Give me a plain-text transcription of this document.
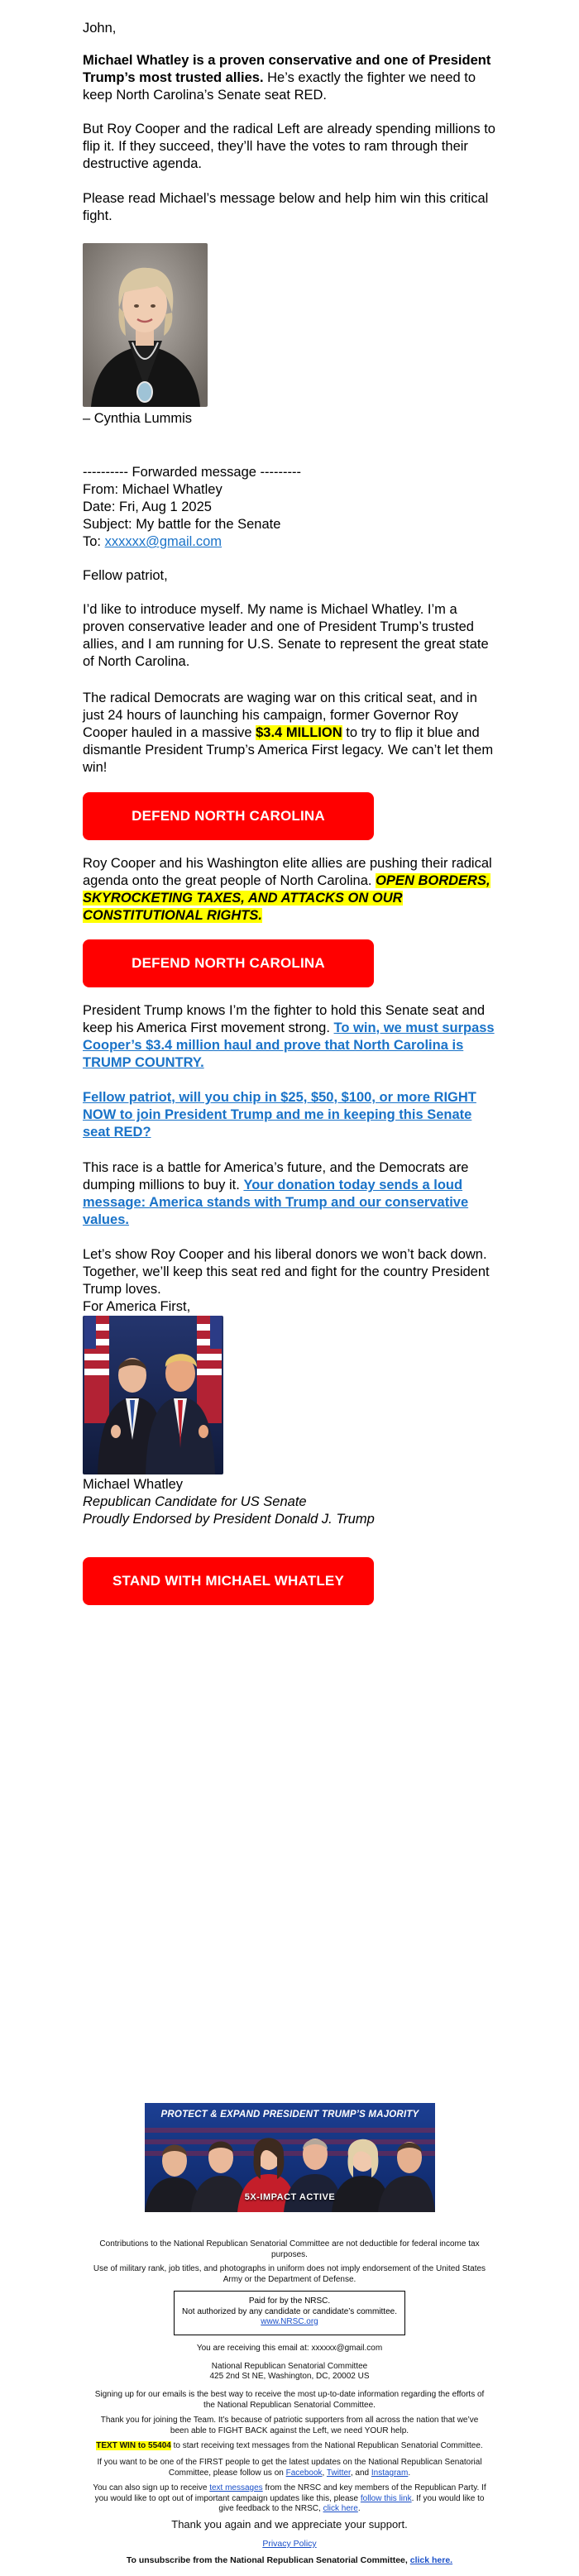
John,

Michael Whatley is a proven conservative and one of President Trump’s most trusted allies. He’s exactly the fighter we need to keep North Carolina’s Senate seat RED.

But Roy Cooper and the radical Left are already spending millions to flip it. If they succeed, they’ll have the votes to ram through their destructive agenda.

Please read Michael’s message below and help him win this critical fight.

– Cynthia Lummis

---------- Forwarded message ---------

From: Michael Whatley

Date: Fri, Aug 1 2025

Subject: My battle for the Senate

To: xxxxxx@gmail.com

Fellow patriot,

I’d like to introduce myself. My name is Michael Whatley. I’m a proven conservative leader and one of President Trump’s trusted allies, and I am running for U.S. Senate to represent the great state of North Carolina.

The radical Democrats are waging war on this critical seat, and in just 24 hours of launching his campaign, former Governor Roy Cooper hauled in a massive $3.4 MILLION to try to flip it blue and dismantle President Trump’s America First legacy. We can’t let them win!

DEFEND NORTH CAROLINA

Roy Cooper and his Washington elite allies are pushing their radical agenda onto the great people of North Carolina. OPEN BORDERS, SKYROCKETING TAXES, AND ATTACKS ON OUR CONSTITUTIONAL RIGHTS.

DEFEND NORTH CAROLINA

President Trump knows I’m the fighter to hold this Senate seat and keep his America First movement strong. To win, we must surpass Cooper’s $3.4 million haul and prove that North Carolina is TRUMP COUNTRY.

Fellow patriot, will you chip in $25, $50, $100, or more RIGHT NOW to join President Trump and me in keeping this Senate seat RED?

This race is a battle for America’s future, and the Democrats are dumping millions to buy it. Your donation today sends a loud message: America stands with Trump and our conservative values.

Let’s show Roy Cooper and his liberal donors we won’t back down. Together, we’ll keep this seat red and fight for the country President Trump loves.

For America First,

Michael Whatley

Republican Candidate for US Senate

Proudly Endorsed by President Donald J. Trump

STAND WITH MICHAEL WHATLEY
PROTECT & EXPAND PRESIDENT TRUMP’S MAJORITY
5X-IMPACT ACTIVE

Contributions to the National Republican Senatorial Committee are not deductible for federal income tax purposes.

Use of military rank, job titles, and photographs in uniform does not imply endorsement of the United States Army or the Department of Defense.

Paid for by the NRSC.

Not authorized by any candidate or candidate’s committee.

www.NRSC.org

You are receiving this email at: xxxxxx@gmail.com

National Republican Senatorial Committee

425 2nd St NE, Washington, DC, 20002 US

Signing up for our emails is the best way to receive the most up-to-date information regarding the efforts of the National Republican Senatorial Committee.

Thank you for joining the Team. It’s because of patriotic supporters from all across the nation that we’ve been able to FIGHT BACK against the Left, we need YOUR help.

TEXT WIN to 55404 to start receiving text messages from the National Republican Senatorial Committee.

If you want to be one of the FIRST people to get the latest updates on the National Republican Senatorial Committee, please follow us on Facebook, Twitter, and Instagram.

You can also sign up to receive text messages from the NRSC and key members of the Republican Party. If you would like to opt out of important campaign updates like this, please follow this link. If you would like to give feedback to the NRSC, click here.

Thank you again and we appreciate your support.

Privacy Policy

To unsubscribe from the National Republican Senatorial Committee, click here.
